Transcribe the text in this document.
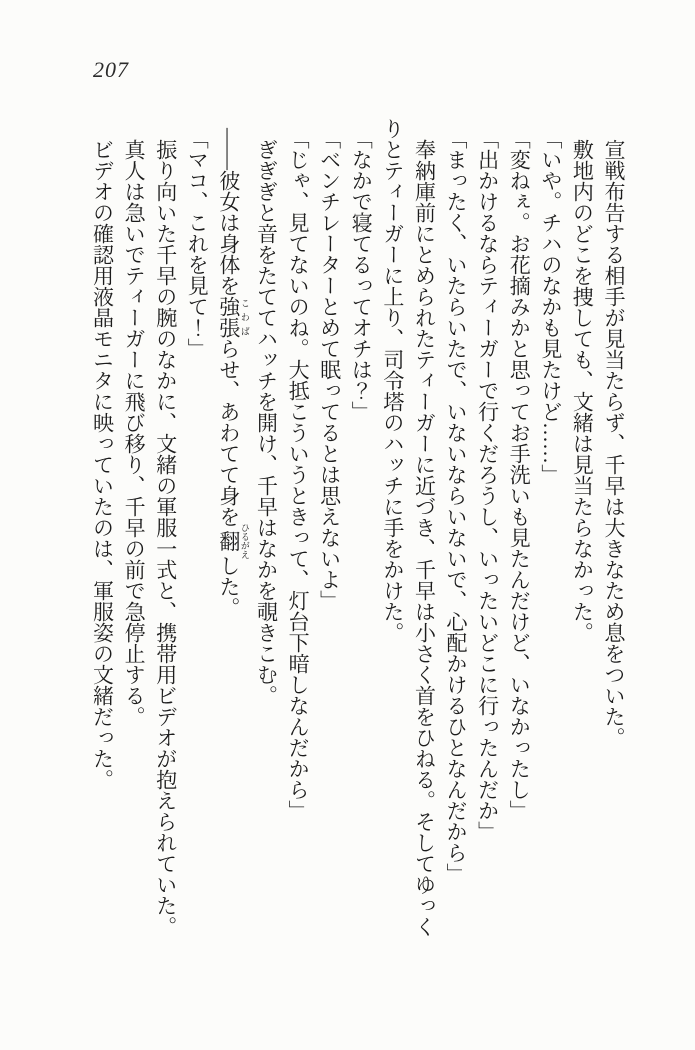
207

宣戦布告する相手が見当たらず、千早は大きなため息をついた。

敷地内のどこを捜しても、文緒は見当たらなかった。

「いや。チハのなかも見たけど……」

「変ねぇ。お花摘みかと思ってお手洗いも見たんだけど、いなかったし」

「出かけるならティーガーで行くだろうし、いったいどこに行ったんだか」

「まったく、いたらいたで、いないならいないで、心配かけるひとなんだから」

奉納庫前にとめられたティーガーに近づき、千早は小さく首をひねる。そしてゆっくりとティーガーに上り、司令塔のハッチに手をかけた。

「なかで寝てるってオチは？」

「ベンチレーターとめて眠ってるとは思えないよ」

「じゃ、見てないのね。大抵こういうときって、灯台下暗しなんだから」

ぎぎぎと音をたててハッチを開け、千早はなかを覗きこむ。

――彼女は身体を強張 こわばらせ、あわてて身を翻 ひるがえした。

「マコ、これを見て！」

振り向いた千早の腕のなかに、文緒の軍服一式と、携帯用ビデオが抱えられていた。

真人は急いでティーガーに飛び移り、千早の前で急停止する。

ビデオの確認用液晶モニタに映っていたのは、軍服姿の文緒だった。
